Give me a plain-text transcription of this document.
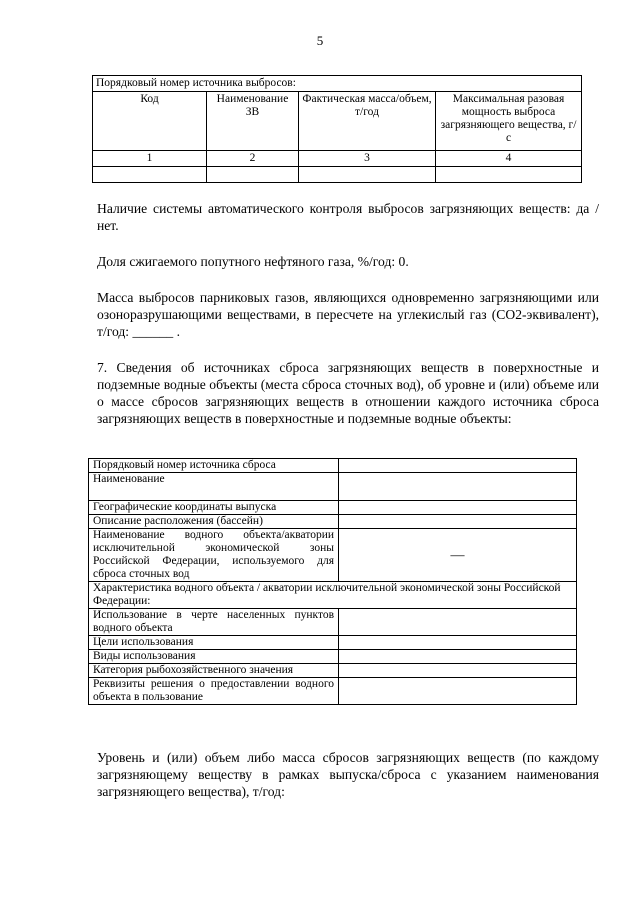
5
Порядковый номер источника выбросов:			
Код	Наименование ЗВ	Фактическая масса/объем, т/год	Максимальная разовая мощность выброса загрязняющего вещества, г/с
1	2	3	4

Наличие системы автоматического контроля выбросов загрязняющих веществ: да /нет.
Доля сжигаемого попутного нефтяного газа, %/год: 0.
Масса выбросов парниковых газов, являющихся одновременно загрязняющими или озоноразрушающими веществами, в пересчете на углекислый газ (СО2-эквивалент), т/год: ______ .
7. Сведения об источниках сброса загрязняющих веществ в поверхностные и подземные водные объекты (места сброса сточных вод), об уровне и (или) объеме или о массе сбросов загрязняющих веществ в отношении каждого источника сброса загрязняющих веществ в поверхностные и подземные водные объекты:
Порядковый номер источника сброса	
Наименование	
Географические координаты выпуска	
Описание расположения (бассейн)	
Наименование водного объекта/акватории исключительной экономической зоны Российской Федерации, используемого для сброса сточных вод	—
Характеристика водного объекта / акватории исключительной экономической зоны Российской Федерации:	
Использование в черте населенных пунктов водного объекта	
Цели использования	
Виды использования	
Категория рыбохозяйственного значения	
Реквизиты решения о предоставлении водного объекта в пользование	
Уровень и (или) объем либо масса сбросов загрязняющих веществ (по каждому загрязняющему веществу в рамках выпуска/сброса с указанием наименования загрязняющего вещества), т/год:
